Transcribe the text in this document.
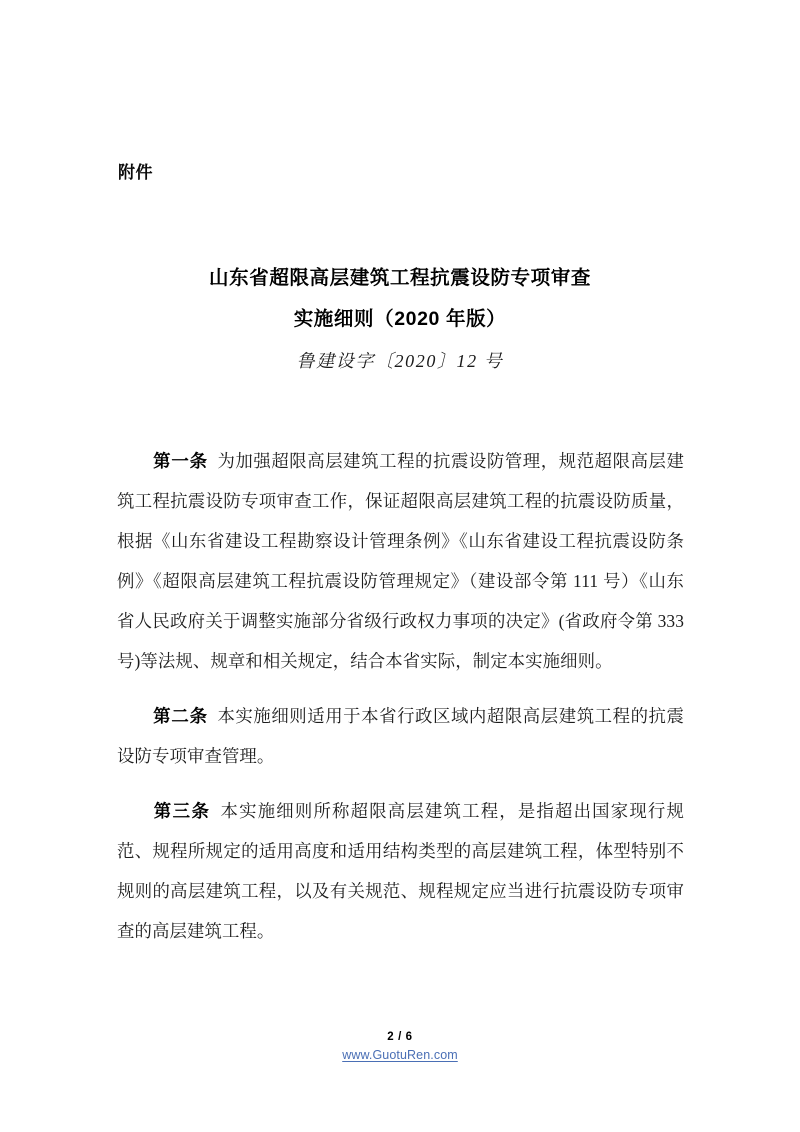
附件
山东省超限高层建筑工程抗震设防专项审查
实施细则（2020 年版）
鲁建设字〔2020〕12 号

第一条 为加强超限高层建筑工程的抗震设防管理，规范超限高层建筑工程抗震设防专项审查工作，保证超限高层建筑工程的抗震设防质量，根据《山东省建设工程勘察设计管理条例》《山东省建设工程抗震设防条例》《超限高层建筑工程抗震设防管理规定》（建设部令第 111 号）《山东省人民政府关于调整实施部分省级行政权力事项的决定》(省政府令第 333 号)等法规、规章和相关规定，结合本省实际，制定本实施细则。

第二条 本实施细则适用于本省行政区域内超限高层建筑工程的抗震设防专项审查管理。

第三条 本实施细则所称超限高层建筑工程，是指超出国家现行规范、规程所规定的适用高度和适用结构类型的高层建筑工程，体型特别不规则的高层建筑工程，以及有关规范、规程规定应当进行抗震设防专项审查的高层建筑工程。

2 / 6
www.GuotuRen.com
